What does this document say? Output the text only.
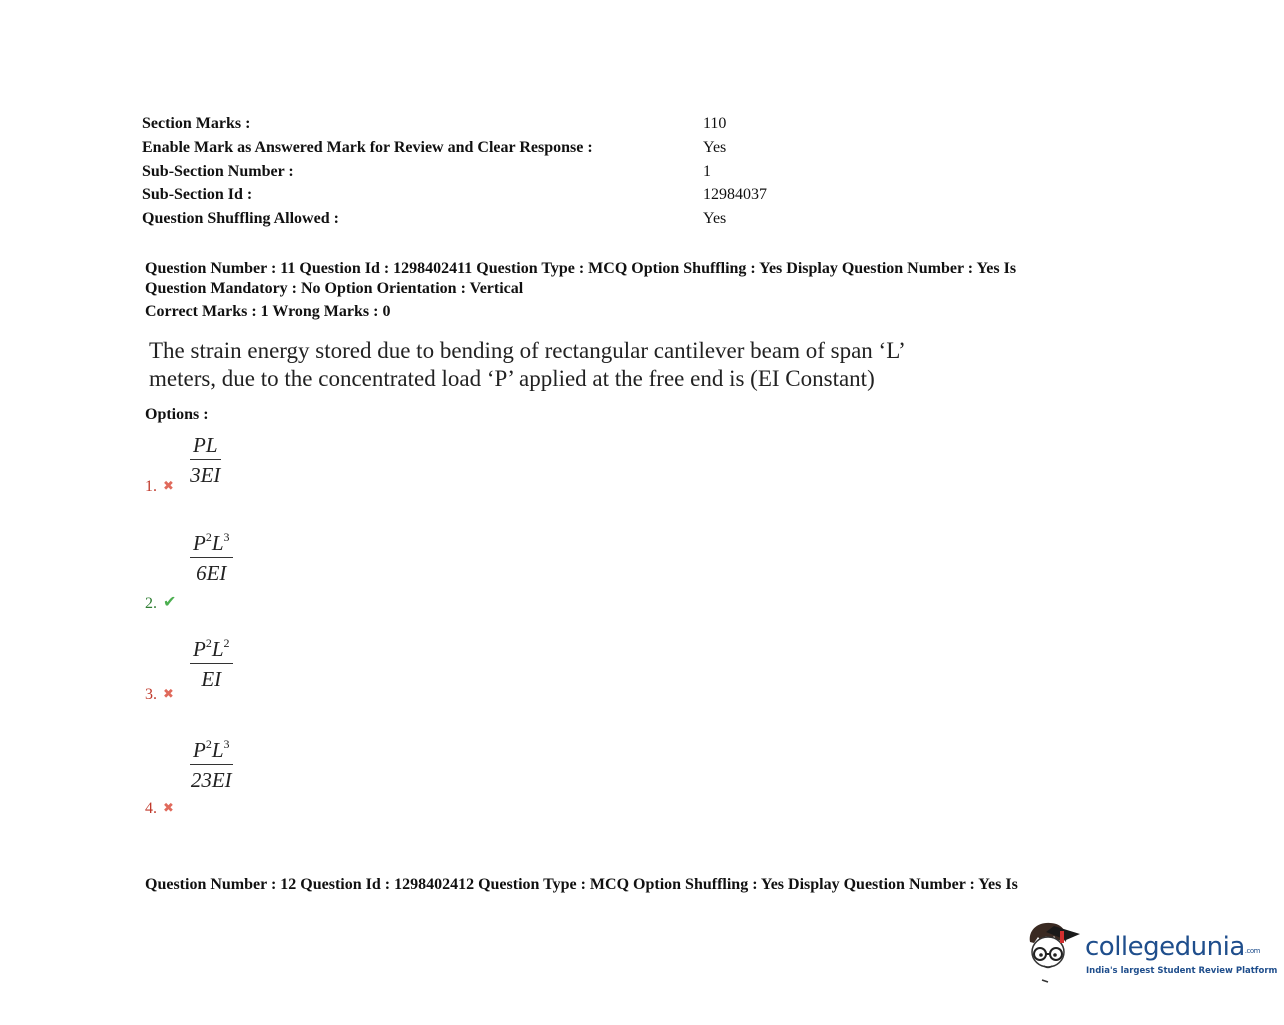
Section Marks :	110
Enable Mark as Answered Mark for Review and Clear Response :	Yes
Sub-Section Number :	1
Sub-Section Id :	12984037
Question Shuffling Allowed :	Yes
Question Number : 11 Question Id : 1298402411 Question Type : MCQ Option Shuffling : Yes Display Question Number : Yes Is
Question Mandatory : No Option Orientation : Vertical
Correct Marks : 1 Wrong Marks : 0
The strain energy stored due to bending of rectangular cantilever beam of span ‘L’
meters, due to the concentrated load ‘P’ applied at the free end is (EI Constant)
Options :
$\frac{PL}{3EI}$
1. ✖
$\frac{P^2L^3}{6EI}$
2. ✔
$\frac{P^2L^2}{EI}$
3. ✖
$\frac{P^2L^3}{23EI}$
4. ✖
Question Number : 12 Question Id : 1298402412 Question Type : MCQ Option Shuffling : Yes Display Question Number : Yes Is
collegedunia.com
India's largest Student Review Platform
